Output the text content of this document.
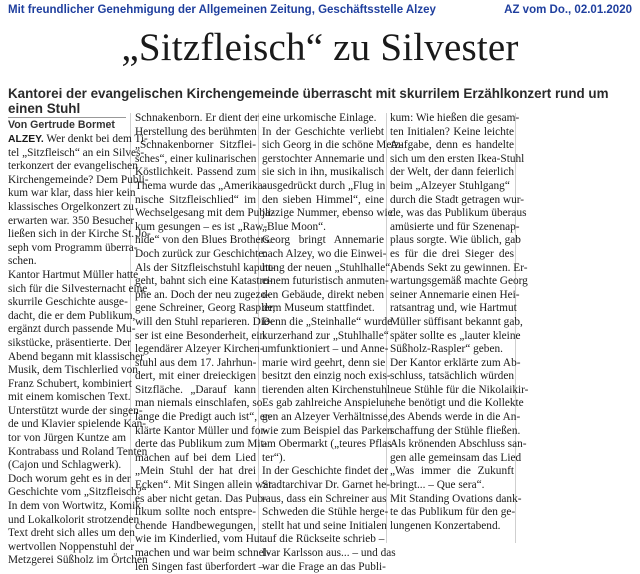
Mit freundlicher Genehmigung der Allgemeinen Zeitung, Geschäftsstelle Alzey	AZ vom Do., 02.01.2020
„Sitzfleisch“ zu Silvester
Kantorei der evangelischen Kirchengemeinde überrascht mit skurrilem Erzählkonzert rund um einen Stuhl
Von Gertrude Bormet
ALZEY. Wer denkt bei dem Ti-
tel „Sitzfleisch“ an ein Silves-
terkonzert der evangelischen
Kirchengemeinde? Dem Publi-
kum war klar, dass hier kein
klassisches Orgelkonzert zu
erwarten war. 350 Besucher
ließen sich in der Kirche St. Jo-
seph vom Programm überra-
schen.
Kantor Hartmut Müller hatte
sich für die Silvesternacht eine
skurrile Geschichte ausge-
dacht, die er dem Publikum,
ergänzt durch passende Mu-
sikstücke, präsentierte. Der
Abend begann mit klassischer
Musik, dem Tischlerlied von
Franz Schubert, kombiniert
mit einem komischen Text.
Unterstützt wurde der singen-
de und Klavier spielende Kan-
tor von Jürgen Kuntze am
Kontrabass und Roland Tenten
(Cajon und Schlagwerk).
Doch worum geht es in der
Geschichte vom „Sitzfleisch?“
In dem von Wortwitz, Komik
und Lokalkolorit strotzenden
Text dreht sich alles um den
wertvollen Noppenstuhl der
Metzgerei Süßholz im Örtchen
Schnakenborn. Er dient der
Herstellung des berühmten
„Schnakenborner Sitzflei-
sches“, einer kulinarischen
Köstlichkeit. Passend zum
Thema wurde das „Amerika-
nische Sitzfleischlied“ im
Wechselgesang mit dem Publi-
kum gesungen – es ist „Raw-
hide“ von den Blues Brothers.
Doch zurück zur Geschichte:
Als der Sitzfleischstuhl kaputt-
geht, bahnt sich eine Katastro-
phe an. Doch der neu zugezo-
gene Schreiner, Georg Raspler,
will den Stuhl reparieren. Die-
ser ist eine Besonderheit, ein
legendärer Alzeyer Kirchen-
stuhl aus dem 17. Jahrhun-
dert, mit einer dreieckigen
Sitzfläche. „Darauf kann
man niemals einschlafen, so
lange die Predigt auch ist“, er-
klärte Kantor Müller und for-
derte das Publikum zum Mit-
machen auf bei dem Lied
„Mein Stuhl der hat drei
Ecken“. Mit Singen allein war
es aber nicht getan. Das Pub-
likum sollte noch entspre-
chende Handbewegungen,
wie im Kinderlied, vom Hut
machen und war beim schnel-
len Singen fast überfordert –
eine urkomische Einlage.
In der Geschichte verliebt
sich Georg in die schöne Metz-
gerstochter Annemarie und
sie sich in ihn, musikalisch
ausgedrückt durch „Flug in
den sieben Himmel“, eine
jazzige Nummer, ebenso wie
„Blue Moon“.
Georg bringt Annemarie
nach Alzey, wo die Einwei-
hung der neuen „Stuhlhalle“,
einem futuristisch anmuten-
den Gebäude, direkt neben
dem Museum stattfindet.
Denn die „Steinhalle“ wurde
kurzerhand zur „Stuhlhalle“
umfunktioniert – und Anne-
marie wird geehrt, denn sie
besitzt den einzig noch exis-
tierenden alten Kirchenstuhl.
Es gab zahlreiche Anspielun-
gen an Alzeyer Verhältnisse,
wie zum Beispiel das Parken
am Obermarkt („teures Pflas-
ter“).
In der Geschichte findet der
Stadtarchivar Dr. Garnet he-
raus, dass ein Schreiner aus
Schweden die Stühle herge-
stellt hat und seine Initialen
auf die Rückseite schrieb –
Ivar Karlsson aus... – und das
war die Frage an das Publi-
kum: Wie hießen die gesam-
ten Initialen? Keine leichte
Aufgabe, denn es handelte
sich um den ersten Ikea-Stuhl
der Welt, der dann feierlich
beim „Alzeyer Stuhlgang“
durch die Stadt getragen wur-
de, was das Publikum überaus
amüsierte und für Szenenap-
plaus sorgte. Wie üblich, gab
es für die drei Sieger des
Abends Sekt zu gewinnen. Er-
wartungsgemäß machte Georg
seiner Annemarie einen Hei-
ratsantrag und, wie Hartmut
Müller süffisant bekannt gab,
später sollte es „lauter kleine
Süßholz-Raspler“ geben.
Der Kantor erklärte zum Ab-
schluss, tatsächlich würden
neue Stühle für die Nikolaikir-
che benötigt und die Kollekte
des Abends werde in die An-
schaffung der Stühle fließen.
Als krönenden Abschluss san-
gen alle gemeinsam das Lied
„Was immer die Zukunft
bringt... – Que sera“.
Mit Standing Ovations dank-
te das Publikum für den ge-
lungenen Konzertabend.
